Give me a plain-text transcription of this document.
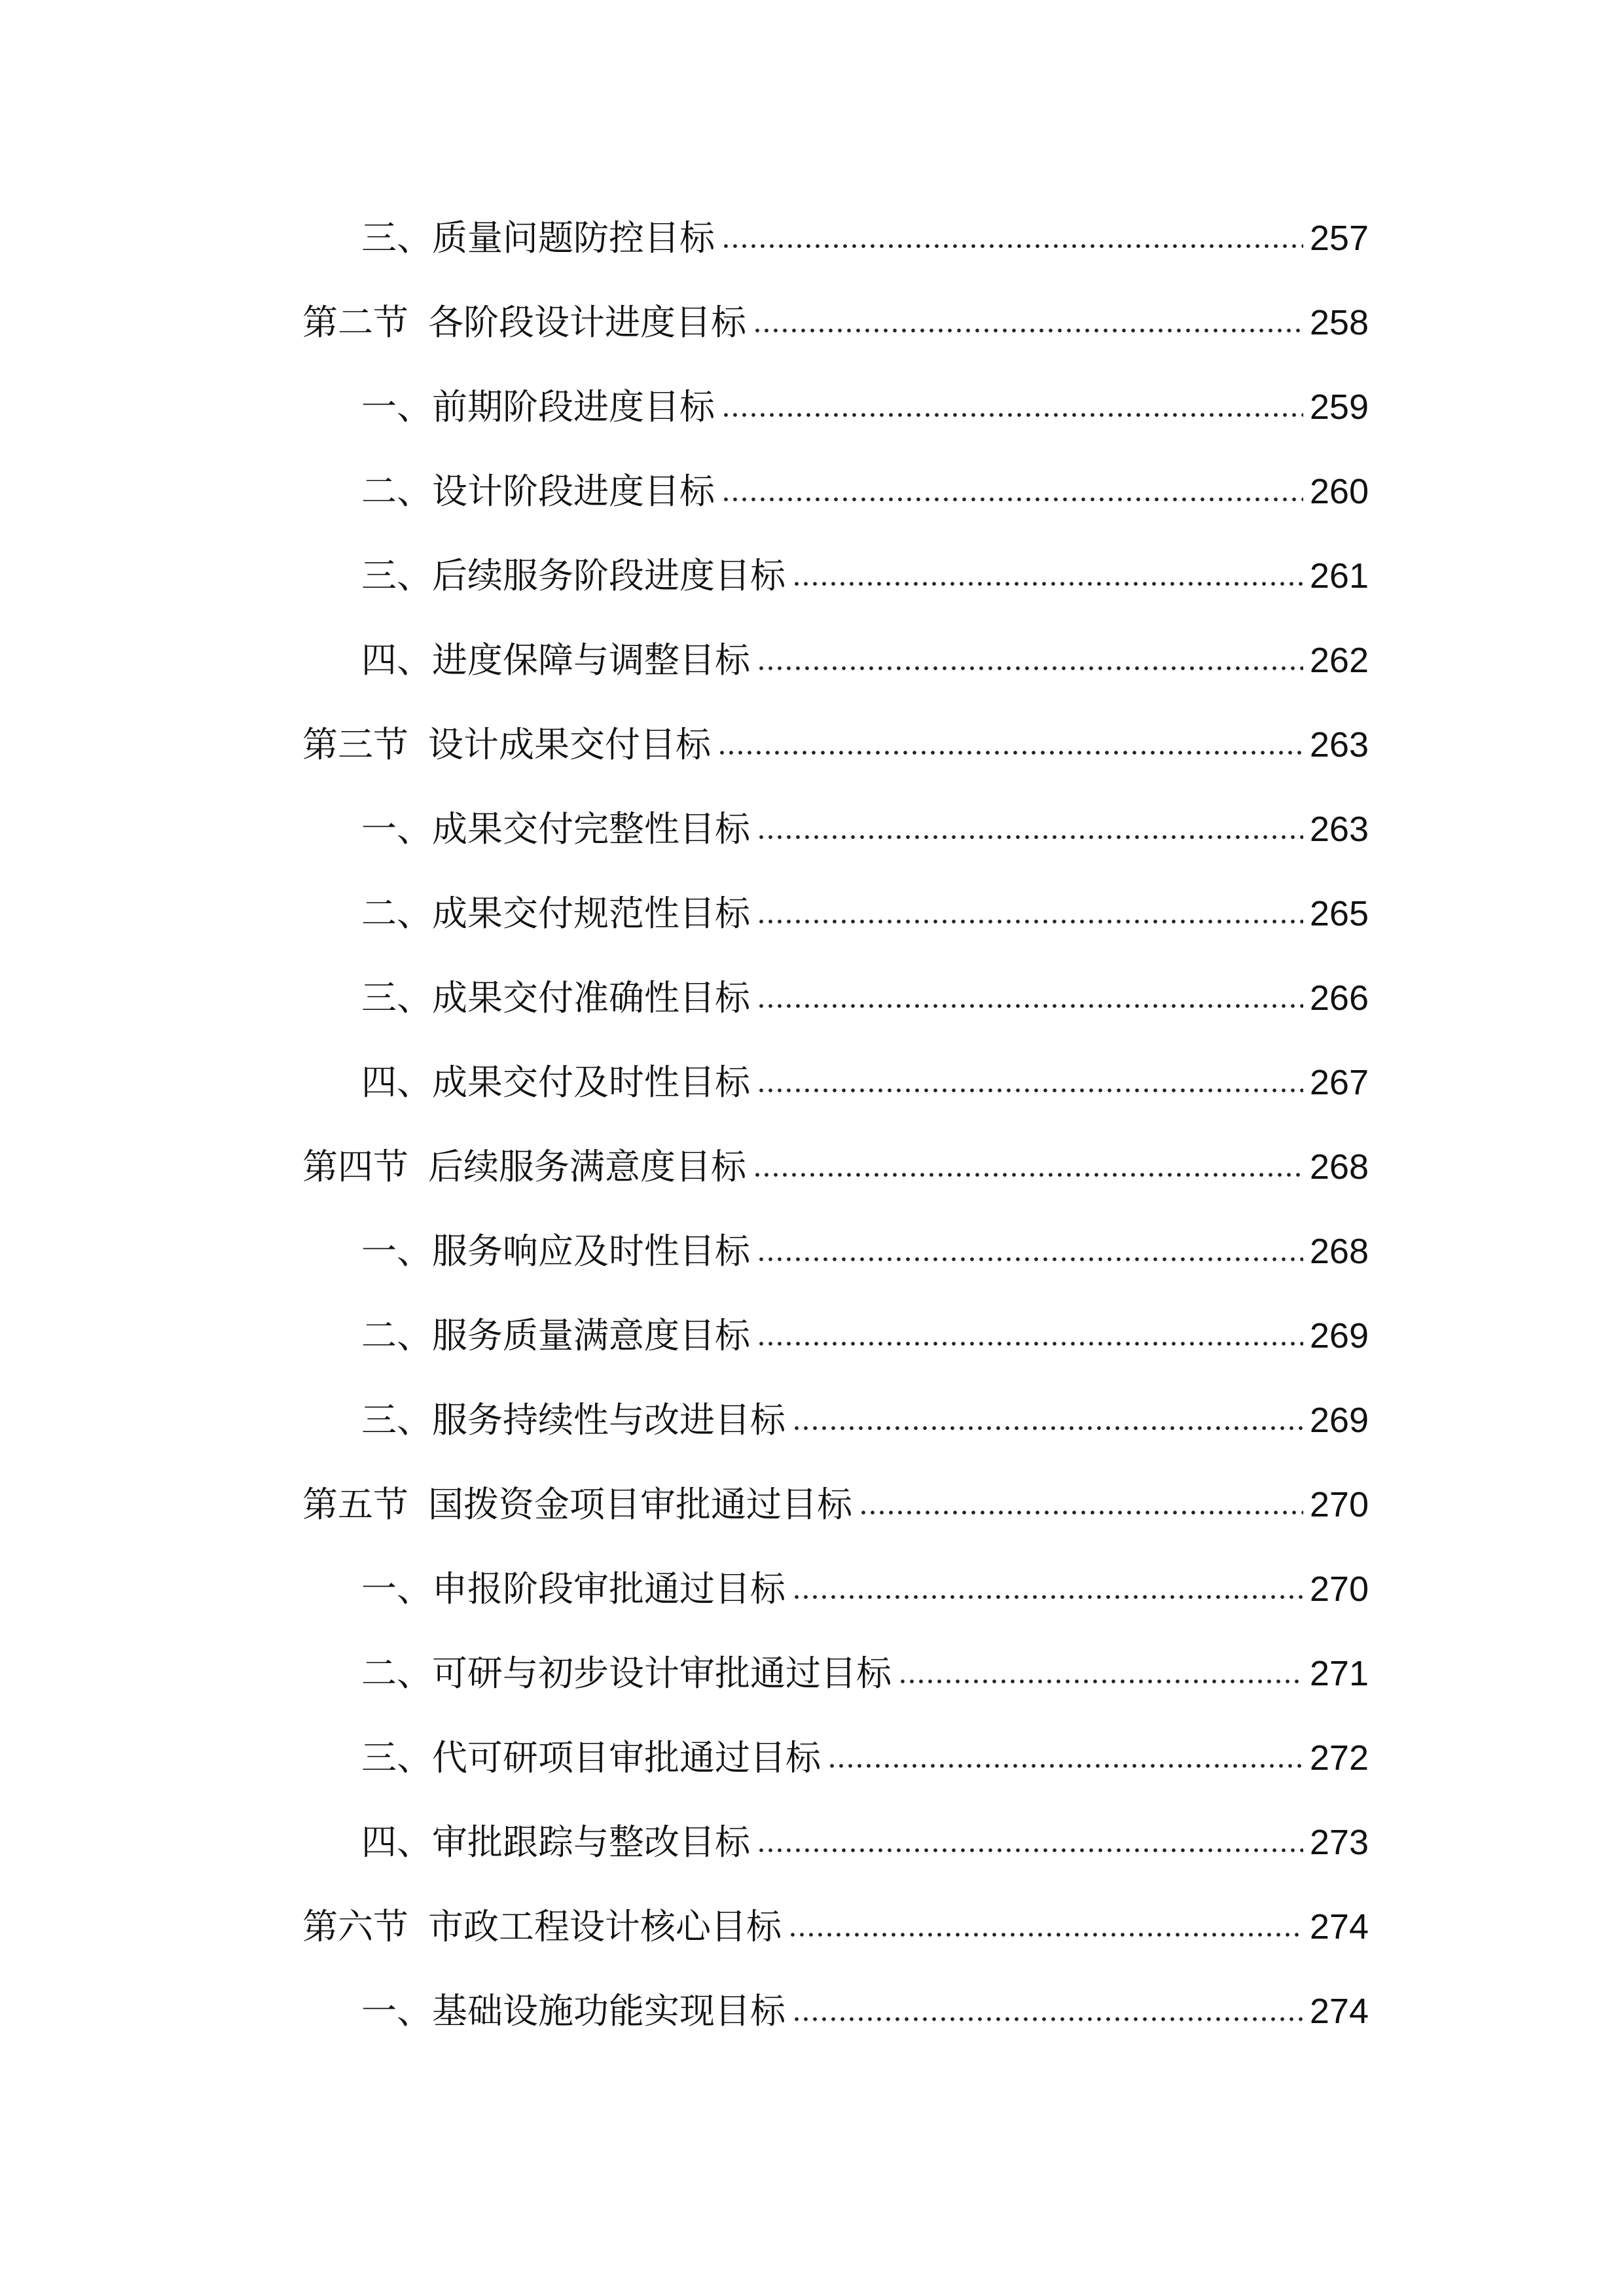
三、 质量问题防控目标	257
第二节 各阶段设计进度目标	258
一、 前期阶段进度目标	259
二、 设计阶段进度目标	260
三、 后续服务阶段进度目标	261
四、 进度保障与调整目标	262
第三节 设计成果交付目标	263
一、 成果交付完整性目标	263
二、 成果交付规范性目标	265
三、 成果交付准确性目标	266
四、 成果交付及时性目标	267
第四节 后续服务满意度目标	268
一、 服务响应及时性目标	268
二、 服务质量满意度目标	269
三、 服务持续性与改进目标	269
第五节 国拨资金项目审批通过目标	270
一、 申报阶段审批通过目标	270
二、 可研与初步设计审批通过目标	271
三、 代可研项目审批通过目标	272
四、 审批跟踪与整改目标	273
第六节 市政工程设计核心目标	274
一、 基础设施功能实现目标	274
